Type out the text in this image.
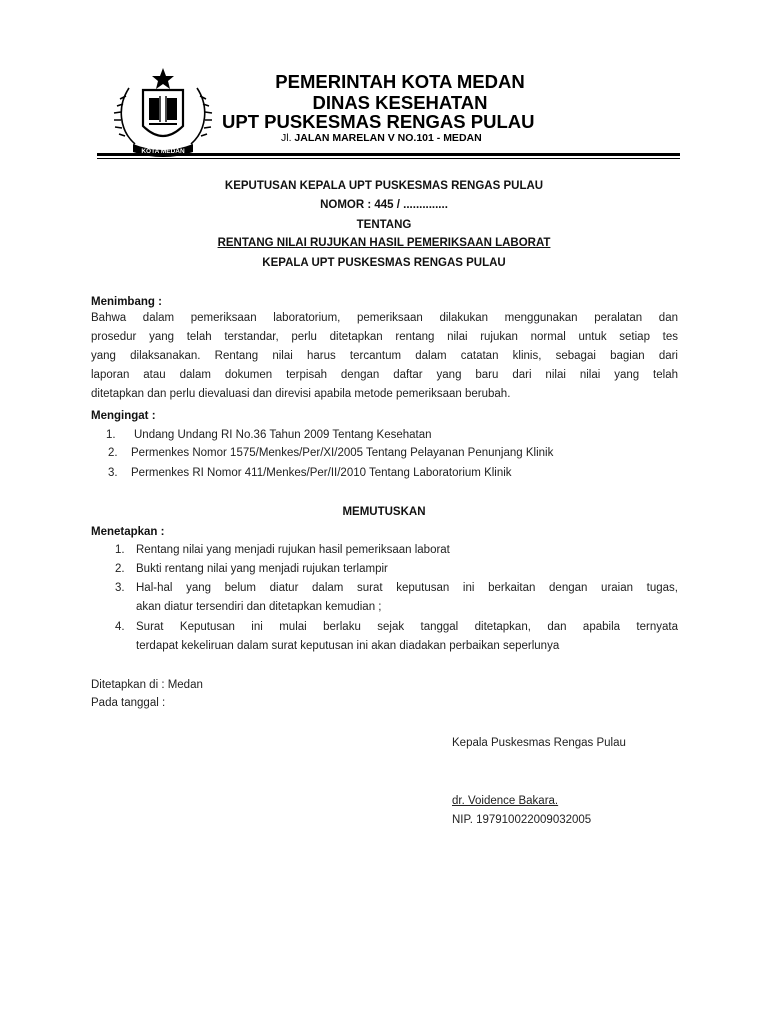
KOTA MEDAN
PEMERINTAH KOTA MEDAN
DINAS KESEHATAN
UPT PUSKESMAS RENGAS PULAU
Jl. JALAN MARELAN V NO.101 - MEDAN
KEPUTUSAN KEPALA UPT PUSKESMAS RENGAS PULAU
NOMOR : 445 / ..............
TENTANG
RENTANG NILAI RUJUKAN HASIL PEMERIKSAAN LABORAT
KEPALA UPT PUSKESMAS RENGAS PULAU
Menimbang :
Bahwa dalam pemeriksaan laboratorium, pemeriksaan dilakukan menggunakan peralatan dan
prosedur yang telah terstandar, perlu ditetapkan rentang nilai rujukan normal untuk setiap tes
yang dilaksanakan. Rentang nilai harus tercantum dalam catatan klinis, sebagai bagian dari
laporan atau dalam dokumen terpisah dengan daftar yang baru dari nilai nilai yang telah
ditetapkan dan perlu dievaluasi dan direvisi apabila metode pemeriksaan berubah.
Mengingat :
1. Undang Undang RI No.36 Tahun 2009 Tentang Kesehatan
2. Permenkes Nomor 1575/Menkes/Per/XI/2005 Tentang Pelayanan Penunjang Klinik
3. Permenkes RI Nomor 411/Menkes/Per/II/2010 Tentang Laboratorium Klinik
MEMUTUSKAN
Menetapkan :
1. Rentang nilai yang menjadi rujukan hasil pemeriksaan laborat
2. Bukti rentang nilai yang menjadi rujukan terlampir
3. Hal-hal yang belum diatur dalam surat keputusan ini berkaitan dengan uraian tugas,
akan diatur tersendiri dan ditetapkan kemudian ;
4. Surat Keputusan ini mulai berlaku sejak tanggal ditetapkan, dan apabila ternyata
terdapat kekeliruan dalam surat keputusan ini akan diadakan perbaikan seperlunya
Ditetapkan di : Medan
Pada tanggal :
Kepala Puskesmas Rengas Pulau
dr. Voidence Bakara.
NIP. 197910022009032005
